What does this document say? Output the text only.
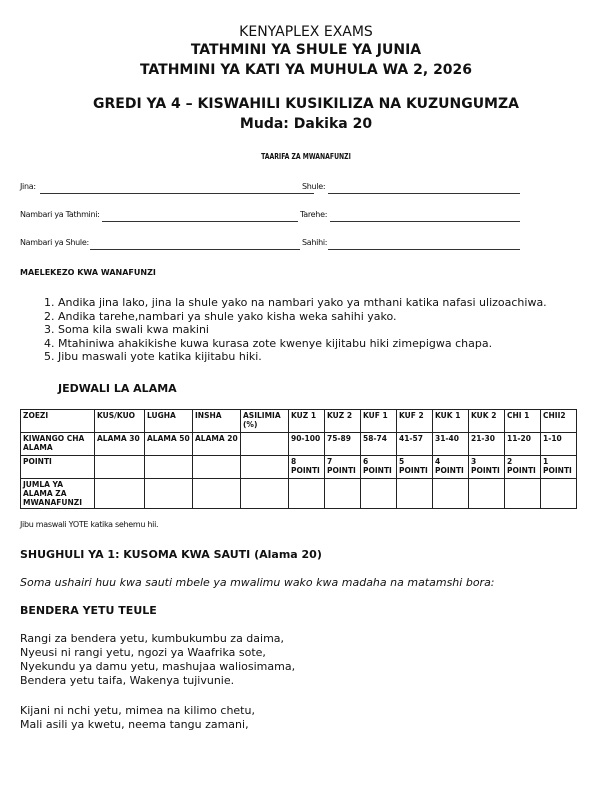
KENYAPLEX EXAMS
TATHMINI YA SHULE YA JUNIA
TATHMINI YA KATI YA MUHULA WA 2, 2026
GREDI YA 4 – KISWAHILI KUSIKILIZA NA KUZUNGUMZA
Muda: Dakika 20
TAARIFA ZA MWANAFUNZI
Jina:	Shule:
Nambari ya Tathmini:	Tarehe:
Nambari ya Shule:	Sahihi:
MAELEKEZO KWA WANAFUNZI
1. Andika jina lako, jina la shule yako na nambari yako ya mthani katika nafasi ulizoachiwa.
2. Andika tarehe,nambari ya shule yako kisha weka sahihi yako.
3. Soma kila swali kwa makini
4. Mtahiniwa ahakikishe kuwa kurasa zote kwenye kijitabu hiki zimepigwa chapa.
5. Jibu maswali yote katika kijitabu hiki.
JEDWALI LA ALAMA
ZOEZI	KUS/KUO	LUGHA	INSHA	ASILIMIA (%)	KUZ 1	KUZ 2	KUF 1	KUF 2	KUK 1	KUK 2	CHI 1	CHII2
KIWANGO CHA ALAMA	ALAMA 30	ALAMA 50	ALAMA 20		90-100	75-89	58-74	41-57	31-40	21-30	11-20	1-10
POINTI					8 POINTI	7 POINTI	6 POINTI	5 POINTI	4 POINTI	3 POINTI	2 POINTI	1 POINTI
JUMLA YA ALAMA ZA MWANAFUNZI												
Jibu maswali YOTE katika sehemu hii.
SHUGHULI YA 1: KUSOMA KWA SAUTI (Alama 20)
Soma ushairi huu kwa sauti mbele ya mwalimu wako kwa madaha na matamshi bora:
BENDERA YETU TEULE
Rangi za bendera yetu, kumbukumbu za daima,
Nyeusi ni rangi yetu, ngozi ya Waafrika sote,
Nyekundu ya damu yetu, mashujaa waliosimama,
Bendera yetu taifa, Wakenya tujivunie.
Kijani ni nchi yetu, mimea na kilimo chetu,
Mali asili ya kwetu, neema tangu zamani,
